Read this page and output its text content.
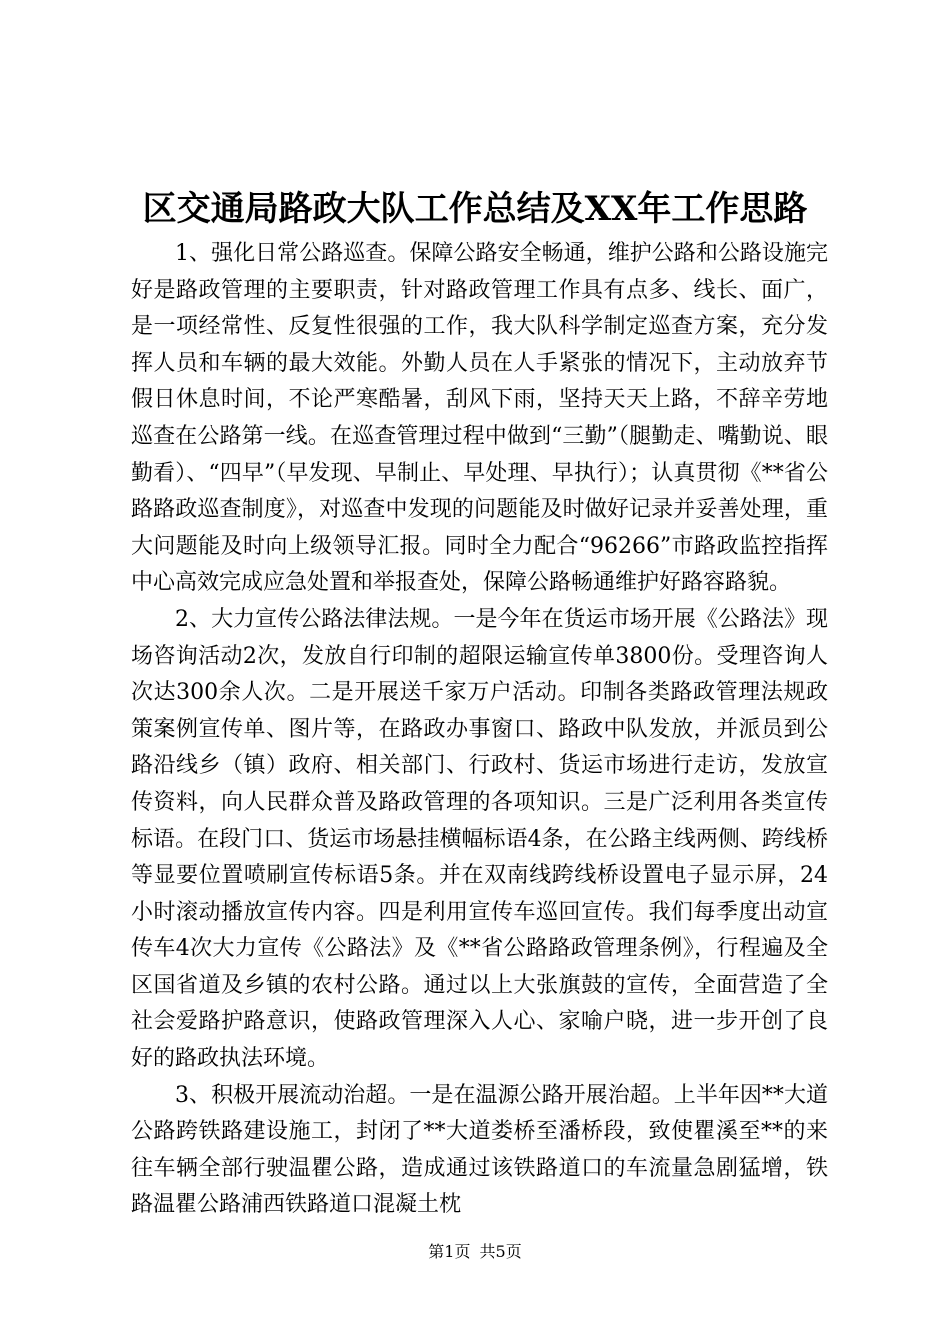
区交通局路政大队工作总结及XX年工作思路

1、强化日常公路巡查。保障公路安全畅通，维护公路和公路设施完好是路政管理的主要职责，针对路政管理工作具有点多、线长、面广，是一项经常性、反复性很强的工作，我大队科学制定巡查方案，充分发挥人员和车辆的最大效能。外勤人员在人手紧张的情况下，主动放弃节假日休息时间，不论严寒酷暑，刮风下雨，坚持天天上路，不辞辛劳地巡查在公路第一线。在巡查管理过程中做到“三勤”（腿勤走、嘴勤说、眼勤看）、“四早”（早发现、早制止、早处理、早执行）；认真贯彻《**省公路路政巡查制度》，对巡查中发现的问题能及时做好记录并妥善处理，重大问题能及时向上级领导汇报。同时全力配合“96266”市路政监控指挥中心高效完成应急处置和举报查处，保障公路畅通维护好路容路貌。

2、大力宣传公路法律法规。一是今年在货运市场开展《公路法》现场咨询活动2次，发放自行印制的超限运输宣传单3800份。受理咨询人次达300余人次。二是开展送千家万户活动。印制各类路政管理法规政策案例宣传单、图片等，在路政办事窗口、路政中队发放，并派员到公路沿线乡（镇）政府、相关部门、行政村、货运市场进行走访，发放宣传资料，向人民群众普及路政管理的各项知识。三是广泛利用各类宣传标语。在段门口、货运市场悬挂横幅标语4条，在公路主线两侧、跨线桥等显要位置喷刷宣传标语5条。并在双南线跨线桥设置电子显示屏，24小时滚动播放宣传内容。四是利用宣传车巡回宣传。我们每季度出动宣传车4次大力宣传《公路法》及《**省公路路政管理条例》，行程遍及全区国省道及乡镇的农村公路。通过以上大张旗鼓的宣传，全面营造了全社会爱路护路意识，使路政管理深入人心、家喻户晓，进一步开创了良好的路政执法环境。

3、积极开展流动治超。一是在温源公路开展治超。上半年因**大道公路跨铁路建设施工，封闭了**大道娄桥至潘桥段，致使瞿溪至**的来往车辆全部行驶温瞿公路，造成通过该铁路道口的车流量急剧猛增，铁路温瞿公路浦西铁路道口混凝土枕

第1页 共5页
